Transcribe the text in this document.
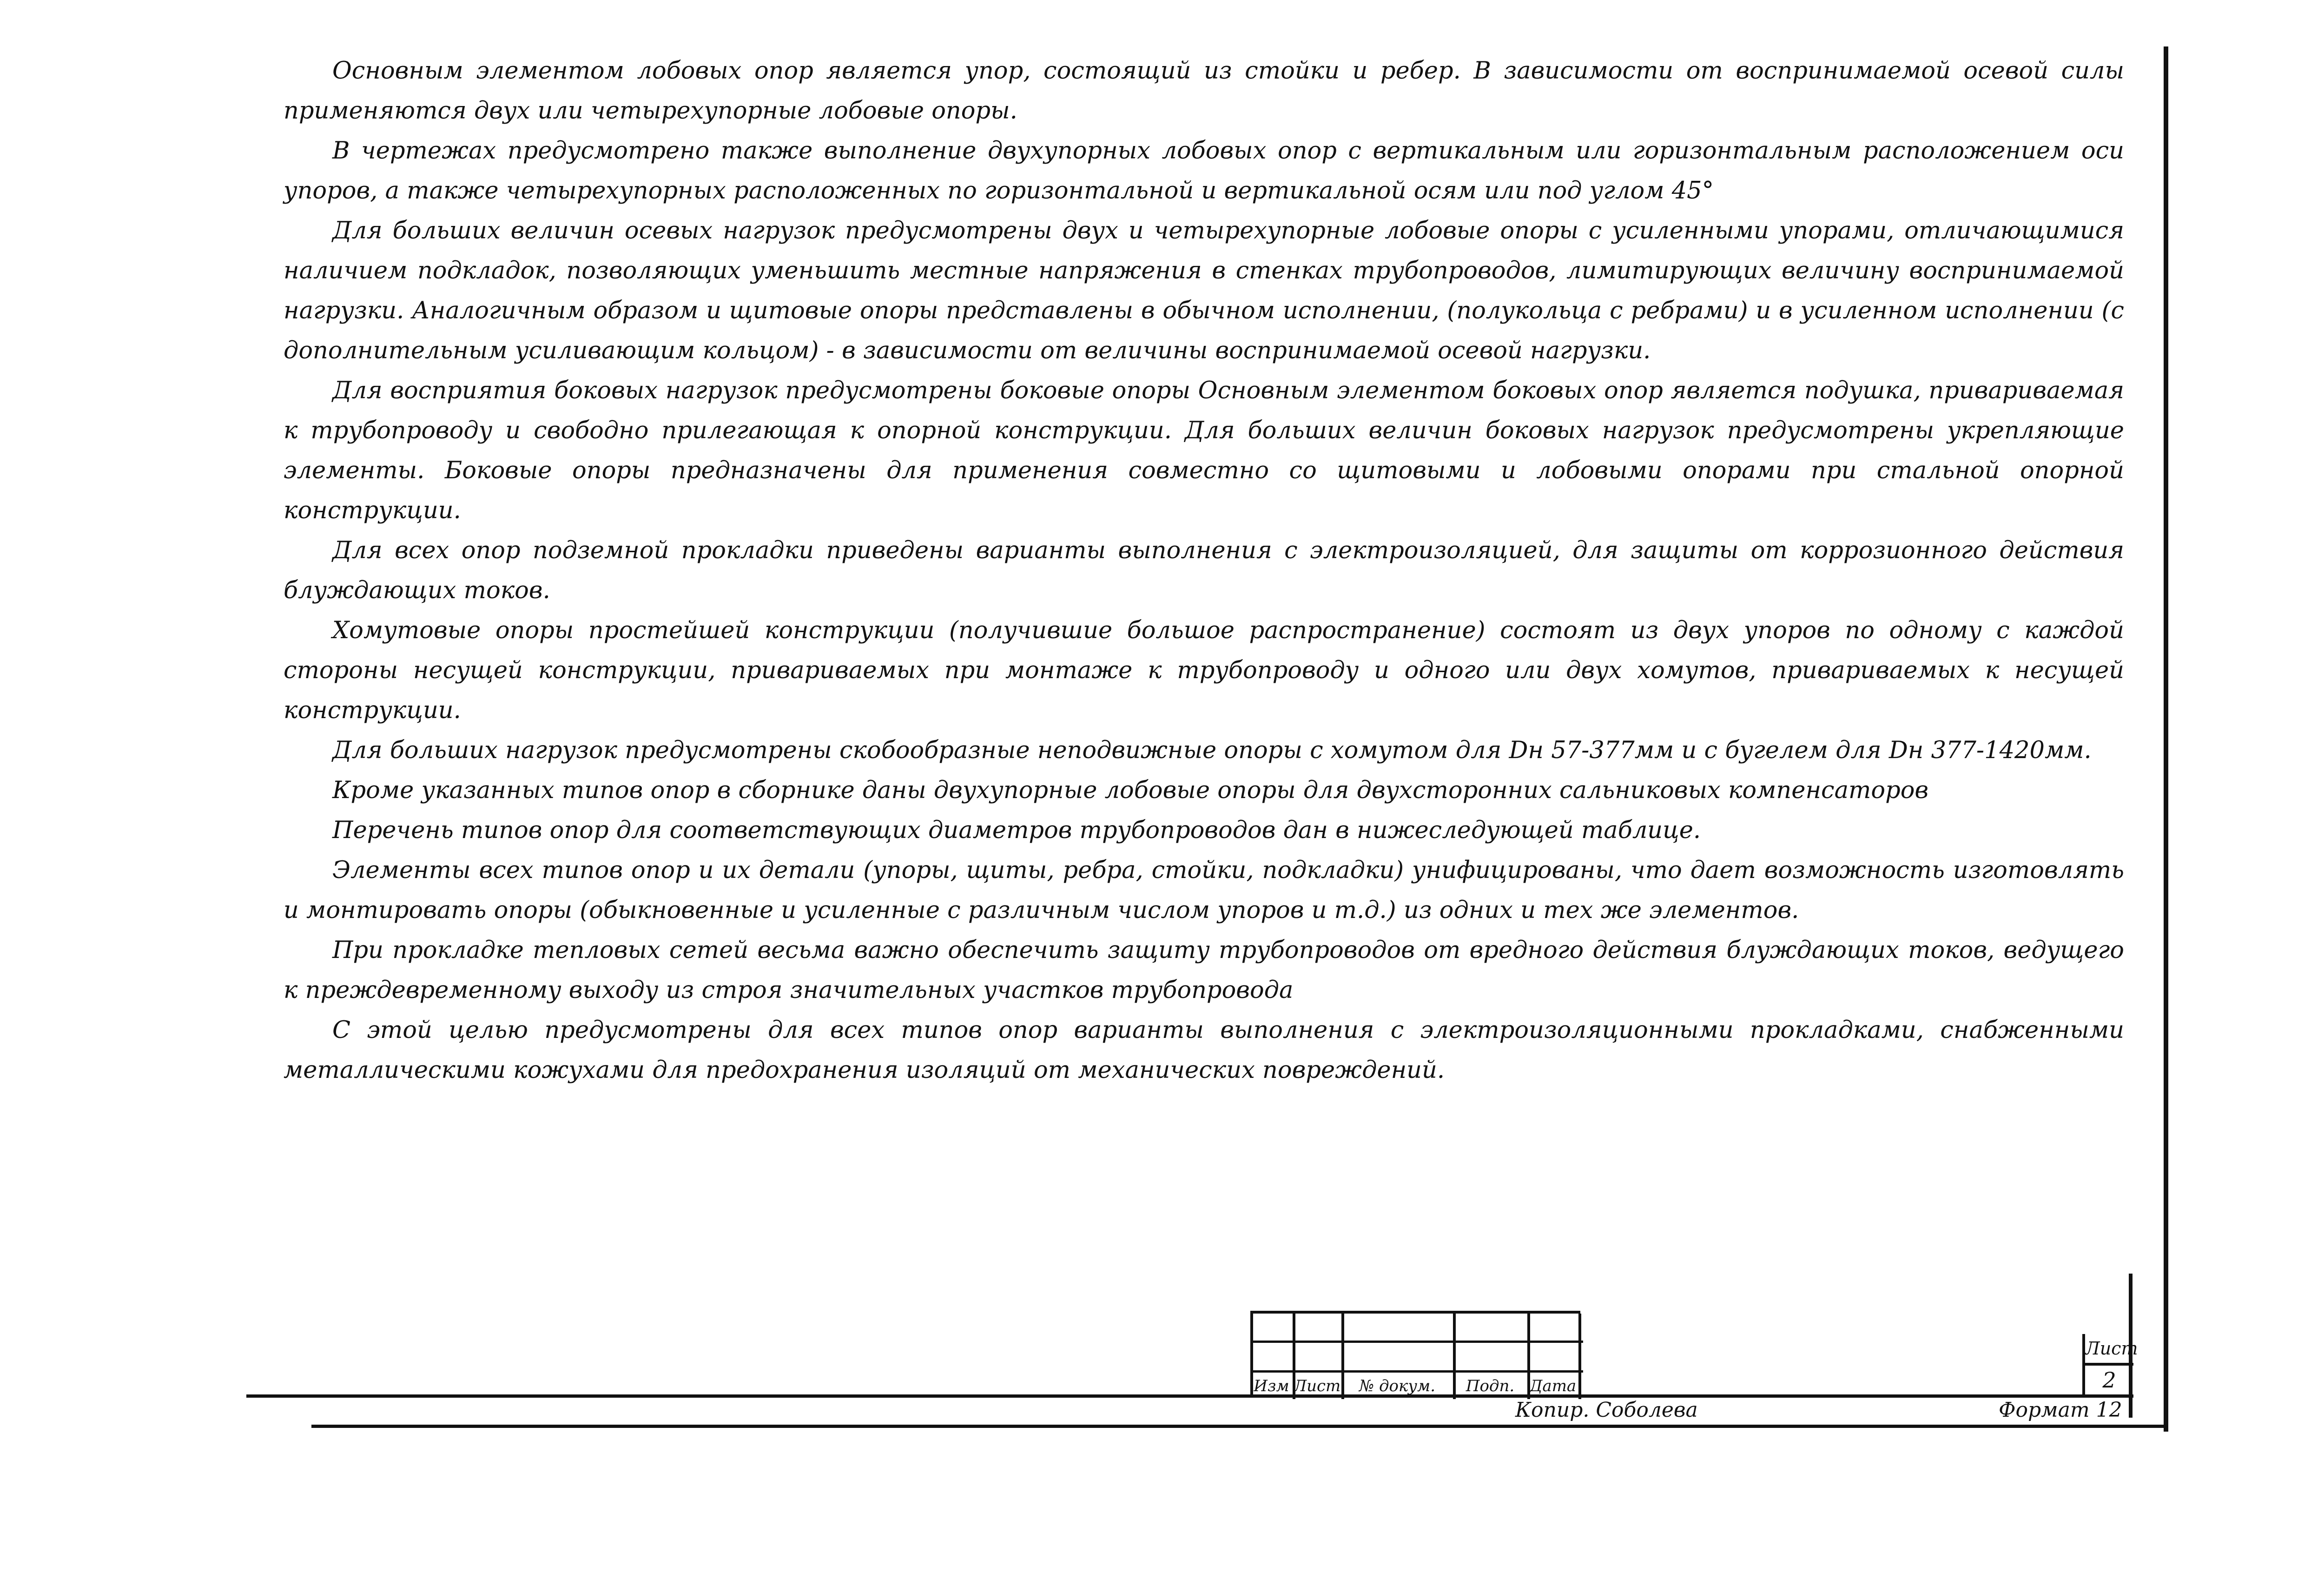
Основным элементом лобовых опор является упор, состоящий из стойки и ребер. В зависимости от воспринимаемой осевой силы применяются двух или четырехупорные лобовые опоры.

В чертежах предусмотрено также выполнение двухупорных лобовых опор с вертикальным или горизонтальным расположением оси упоров, а также четырехупорных расположенных по горизонтальной и вертикальной осям или под углом 45°

Для больших величин осевых нагрузок предусмотрены двух и четырехупорные лобовые опоры с усиленными упорами, отличающимися наличием подкладок, позволяющих уменьшить местные напряжения в стенках трубопроводов, лимитирующих величину воспринимаемой нагрузки. Аналогичным образом и щитовые опоры представлены в обычном исполнении, (полукольца с ребрами) и в усиленном исполнении (с дополнительным усиливающим кольцом) - в зависимости от величины воспринимаемой осевой нагрузки.

Для восприятия боковых нагрузок предусмотрены боковые опоры Основным элементом боковых опор является подушка, привариваемая к трубопроводу и свободно прилегающая к опорной конструкции. Для больших величин боковых нагрузок предусмотрены укрепляющие элементы. Боковые опоры предназначены для применения совместно со щитовыми и лобовыми опорами при стальной опорной конструкции.

Для всех опор подземной прокладки приведены варианты выполнения с электроизоляцией, для защиты от коррозионного действия блуждающих токов.

Хомутовые опоры простейшей конструкции (получившие большое распространение) состоят из двух упоров по одному с каждой стороны несущей конструкции, привариваемых при монтаже к трубопроводу и одного или двух хомутов, привариваемых к несущей конструкции.

Для больших нагрузок предусмотрены скобообразные неподвижные опоры с хомутом для Dн 57-377мм и с бугелем для Dн 377-1420мм.

Кроме указанных типов опор в сборнике даны двухупорные лобовые опоры для двухсторонних сальниковых компенсаторов

Перечень типов опор для соответствующих диаметров трубопроводов дан в нижеследующей таблице.

Элементы всех типов опор и их детали (упоры, щиты, ребра, стойки, подкладки) унифицированы, что дает возможность изготовлять и монтировать опоры (обыкновенные и усиленные с различным числом упоров и т.д.) из одних и тех же элементов.

При прокладке тепловых сетей весьма важно обеспечить защиту трубопроводов от вредного действия блуждающих токов, ведущего к преждевременному выходу из строя значительных участков трубопровода

С этой целью предусмотрены для всех типов опор варианты выполнения с электроизоляционными прокладками, снабженными металлическими кожухами для предохранения изоляций от механических повреждений.

Изм Лист	№ докум.	Подп. Дата
Лист
2
Копир. Соболева	Формат 12
